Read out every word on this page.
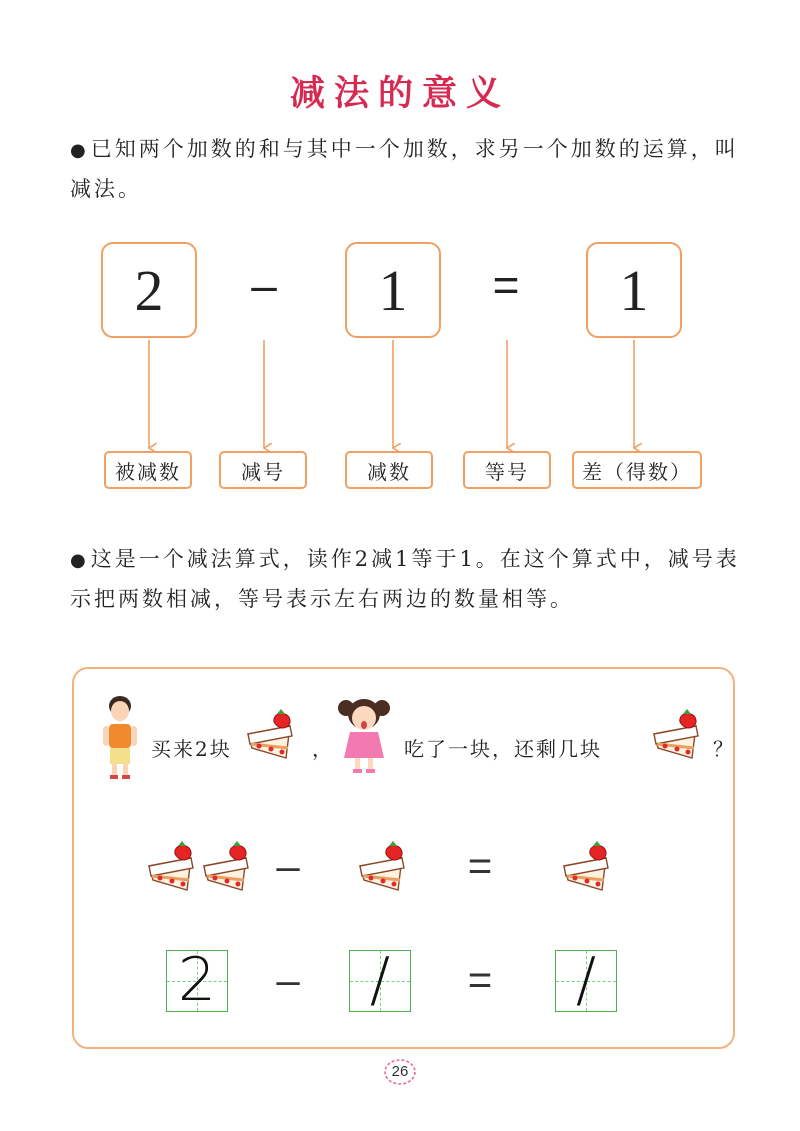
减法的意义
●已知两个加数的和与其中一个加数，求另一个加数的运算，叫减法。
2	–	1	=	1
被减数	减号	减数	等号	差（得数）
●这是一个减法算式，读作2减1等于1。在这个算式中，减号表示把两数相减，等号表示左右两边的数量相等。
买来2块	，	吃了一块，还剩几块	？
–	=
2 –	/	=	/
26
